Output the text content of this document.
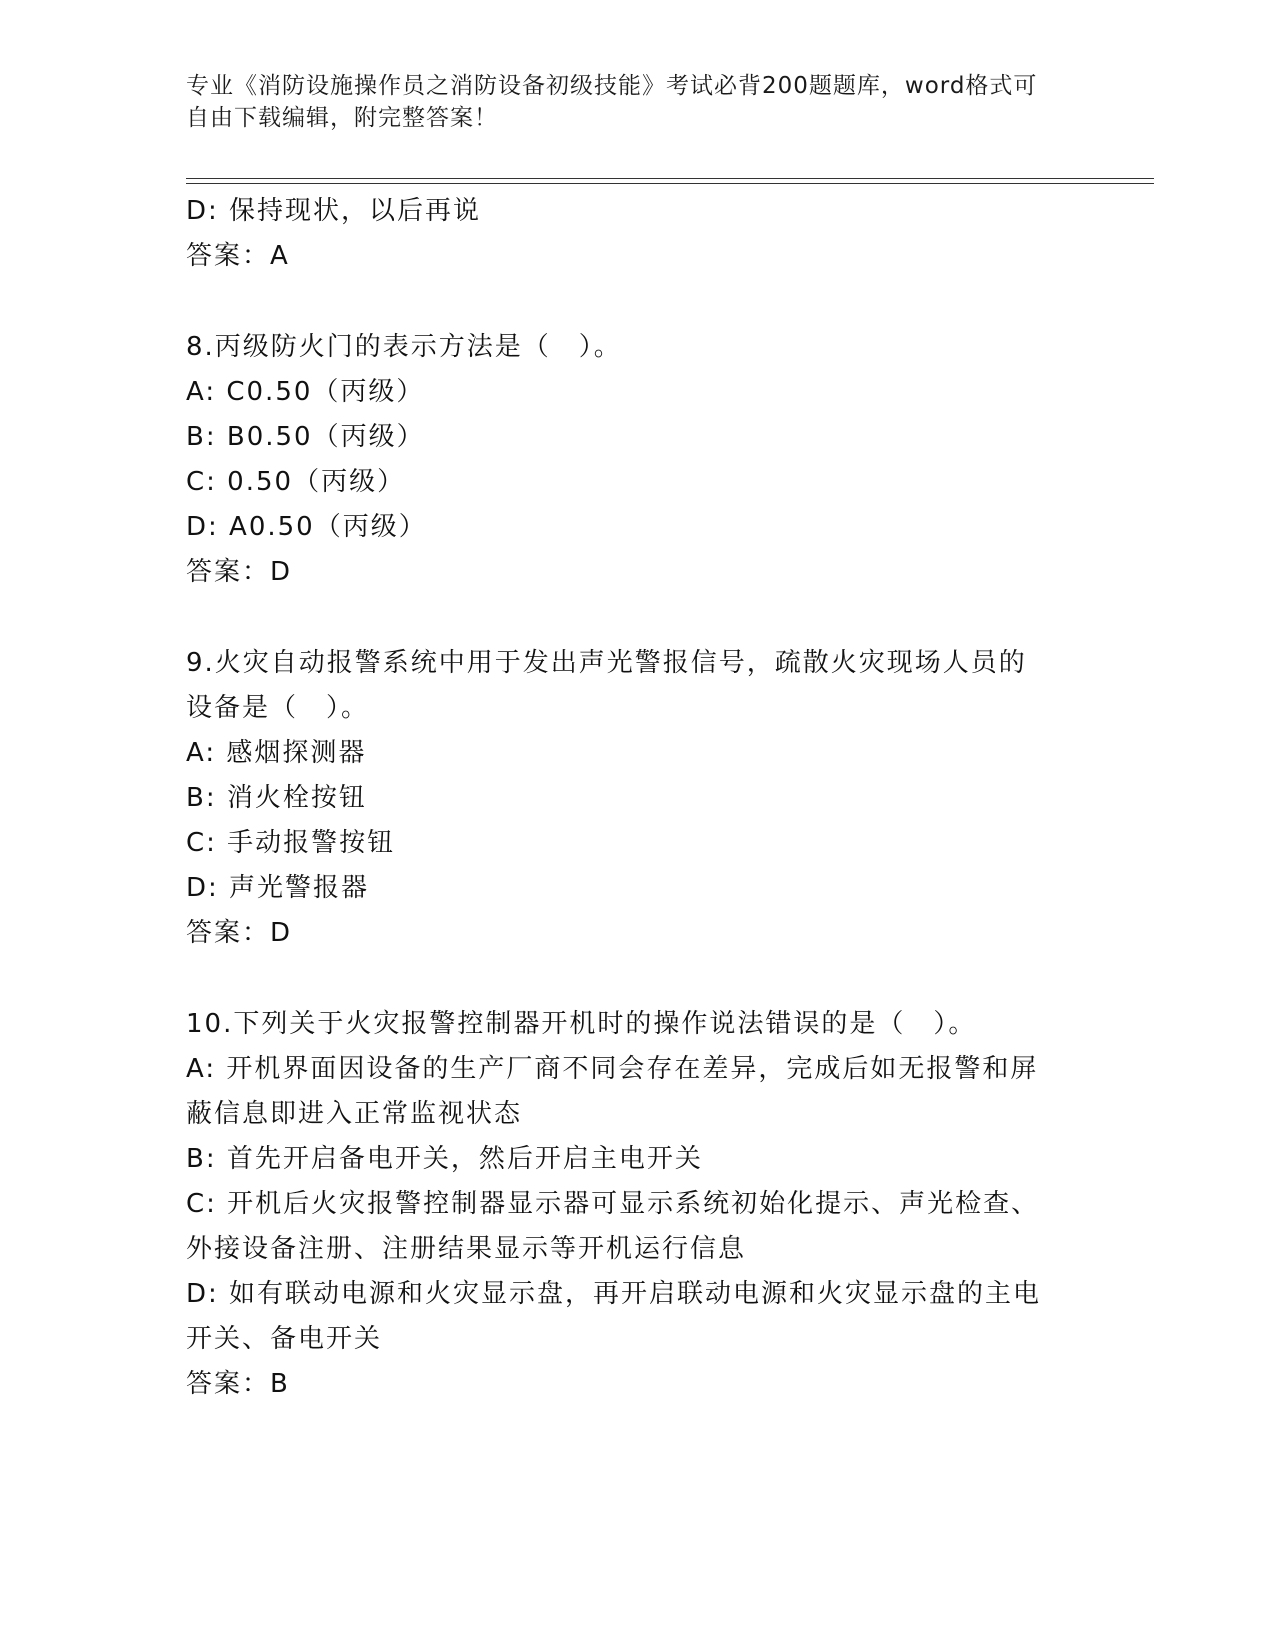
专业《消防设施操作员之消防设备初级技能》考试必背200题题库，word格式可
自由下载编辑，附完整答案！
D: 保持现状，以后再说
答案：A
8.丙级防火门的表示方法是（　）。
A: C0.50（丙级）
B: B0.50（丙级）
C: 0.50（丙级）
D: A0.50（丙级）
答案：D
9.火灾自动报警系统中用于发出声光警报信号，疏散火灾现场人员的
设备是（　）。
A: 感烟探测器
B: 消火栓按钮
C: 手动报警按钮
D: 声光警报器
答案：D
10.下列关于火灾报警控制器开机时的操作说法错误的是（　）。
A: 开机界面因设备的生产厂商不同会存在差异，完成后如无报警和屏
蔽信息即进入正常监视状态
B: 首先开启备电开关，然后开启主电开关
C: 开机后火灾报警控制器显示器可显示系统初始化提示、声光检查、
外接设备注册、注册结果显示等开机运行信息
D: 如有联动电源和火灾显示盘，再开启联动电源和火灾显示盘的主电
开关、备电开关
答案：B
